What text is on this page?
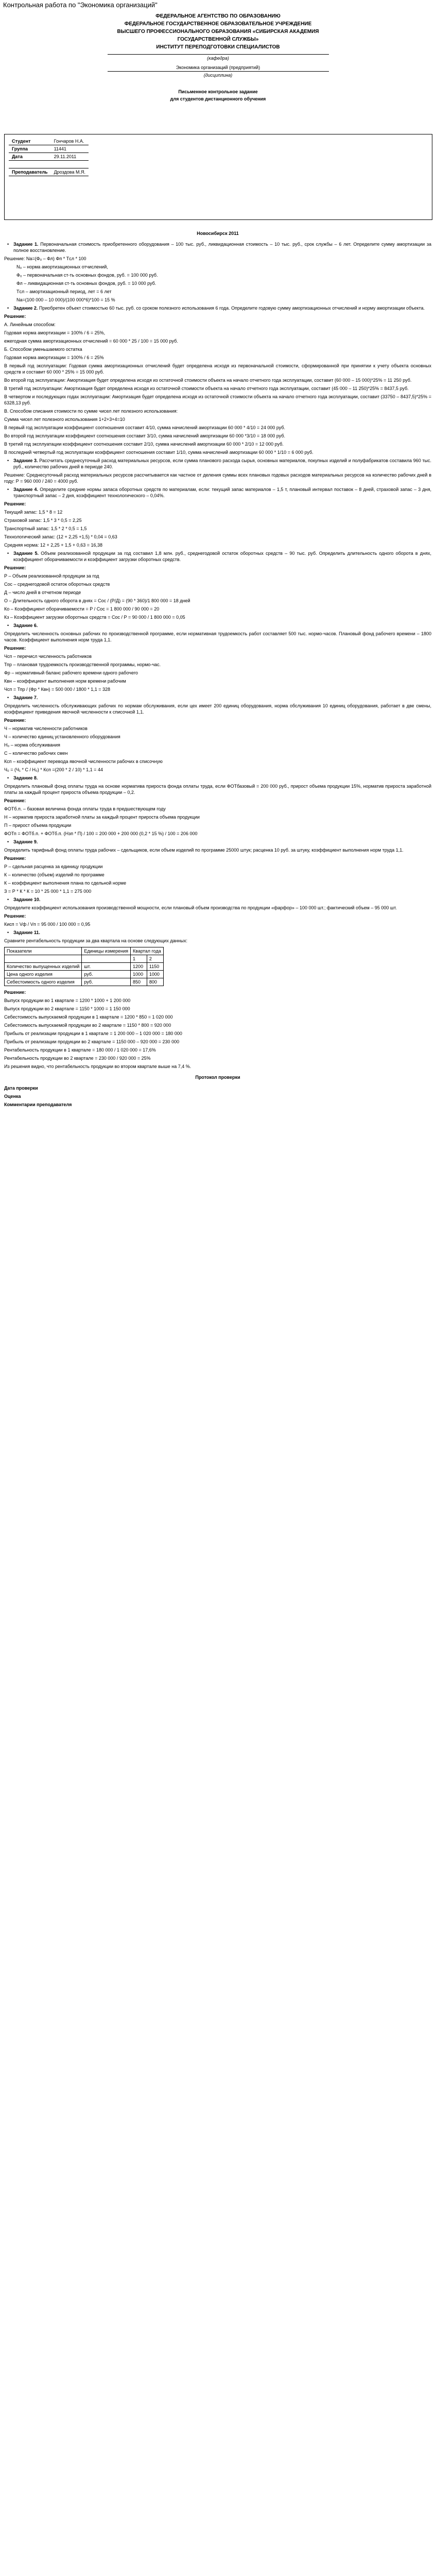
Контрольная работа по "Экономика организаций"
ФЕДЕРАЛЬНОЕ АГЕНТСТВО ПО ОБРАЗОВАНИЮ
ФЕДЕРАЛЬНОЕ ГОСУДАРСТВЕННОЕ ОБРАЗОВАТЕЛЬНОЕ УЧРЕЖДЕНИЕ
ВЫСШЕГО ПРОФЕССИОНАЛЬНОГО ОБРАЗОВАНИЯ «СИБИРСКАЯ АКАДЕМИЯ
ГОСУДАРСТВЕННОЙ СЛУЖБЫ»
ИНСТИТУТ ПЕРЕПОДГОТОВКИ СПЕЦИАЛИСТОВ
(кафедра)
Экономика организаций (предприятий)
(дисциплина)
Письменное контрольное задание
для студентов дистанционного обучения
Студент	Гончаров Н.А.
Группа	11441
Дата	29.11.2011

Преподаватель	Дроздова М.Я.
Новосибирск 2011

• Задание 1. Первоначальная стоимость приобретенного оборудования – 100 тыс. руб., ликвидационная стоимость – 10 тыс. руб., срок службы – 6 лет. Определите сумму амортизации за полное восстановление.

Решение: Na=(Ф₀ – Фл) Фп * Tсл * 100

N₀ – норма амортизационных отчислений,

Ф₀ – первоначальная ст-ть основных фондов, руб. = 100 000 руб.

Фл – ликвидационная ст-ть основных фондов, руб. = 10 000 руб.

Tсл – амортизационный период, лет = 6 лет

Na=(100 000 – 10 000)/(100 000*6)*100 = 15 %

• Задание 2. Приобретен объект стоимостью 60 тыс. руб. со сроком полезного использования 6 года. Определите годовую сумму амортизационных отчислений и норму амортизации объекта.

Решение:

А. Линейным способом:

Годовая норма амортизации = 100% / 6 = 25%,

ежегодная сумма амортизационных отчислений = 60 000 * 25 / 100 = 15 000 руб.

Б. Способом уменьшаемого остатка

Годовая норма амортизации = 100% / 6 = 25%

В первый год эксплуатации: Годовая сумма амортизационных отчислений будет определена исходя из первоначальной стоимости, сформированной при принятии к учету объекта основных средств и составит 60 000 * 25% = 15 000 руб.

Во второй год эксплуатации: Амортизация будет определена исходя из остаточной стоимости объекта на начало отчетного года эксплуатации, составит (60 000 – 15 000)*25% = 11 250 руб.

В третий год эксплуатации: Амортизация будет определена исходя из остаточной стоимости объекта на начало отчетного года эксплуатации, составит (45 000 – 11 250)*25% = 8437,5 руб.

В четвертом и последующих годах эксплуатации: Амортизация будет определена исходя из остаточной стоимости объекта на начало отчетного года эксплуатации, составит (33750 – 8437,5)*25% = 6328,13 руб.

В. Способом списания стоимости по сумме чисел лет полезного использования:

Сумма чисел лет полезного использования 1+2+3+4=10

В первый год эксплуатации коэффициент соотношения составит 4/10, сумма начислений амортизации 60 000 * 4/10 = 24 000 руб.

Во второй год эксплуатации коэффициент соотношения составит 3/10, сумма начислений амортизации 60 000 *3/10 = 18 000 руб.

В третий год эксплуатации коэффициент соотношения составит 2/10, сумма начислений амортизации 60 000 * 2/10 = 12 000 руб.

В последний четвертый год эксплуатации коэффициент соотношения составит 1/10, сумма начислений амортизации 60 000 * 1/10 = 6 000 руб.

• Задание 3. Рассчитать среднесуточный расход материальных ресурсов, если сумма планового расхода сырья, основных материалов, покупных изделий и полуфабрикатов составила 960 тыс. руб., количество рабочих дней в периоде 240.

Решение: Среднесуточный расход материальных ресурсов рассчитывается как частное от деления суммы всех плановых годовых расходов материальных ресурсов на количество рабочих дней в году: Р = 960 000 / 240 = 4000 руб.

• Задание 4. Определите средние нормы запаса оборотных средств по материалам, если: текущий запас материалов – 1,5 т, плановый интервал поставок – 8 дней, страховой запас – 3 дня, транспортный запас – 2 дня, коэффициент технологического – 0,04%.

Решение:

Текущий запас: 1,5 * 8 = 12

Страховой запас: 1,5 * 3 * 0,5 = 2,25

Транспортный запас: 1,5 * 2 * 0,5 = 1,5

Технологический запас: (12 + 2,25 +1,5) * 0,04 = 0,63

Средняя норма: 12 + 2,25 + 1,5 + 0,63 = 16,38

• Задание 5. Объем реализованной продукции за год составил 1,8 млн. руб., среднегодовой остаток оборотных средств – 90 тыс. руб. Определить длительность одного оборота в днях, коэффициент оборачиваемости и коэффициент загрузки оборотных средств.

Решение:

Р – Объем реализованной продукции за год

Сос – среднегодовой остаток оборотных средств

Д – число дней в отчетном периоде

О – Длительность одного оборота в днях = Сос / (Р/Д) = (90 * 360)/1 800 000 = 18 дней

Ко – Коэффициент оборачиваемости = Р / Сос = 1 800 000 / 90 000 = 20

Кз – Коэффициент загрузки оборотных средств = Сос / Р = 90 000 / 1 800 000 = 0,05

• Задание 6.

Определить численность основных рабочих по производственной программе, если нормативная трудоемкость работ составляет 500 тыс. нормо-часов. Плановый фонд рабочего времени – 1800 часов. Коэффициент выполнения норм труда 1,1.

Решение:

Чсп – перечисл численность работников

Тпр – плановая трудоемкость производственной программы, нормо-час.

Фр – нормативный баланс рабочего времени одного рабочего

Квн – коэффициент выполнения норм времени рабочим

Чсп = Тпр / (Фр * Квн) = 500 000 / 1800 * 1,1 = 328

• Задание 7.

Определить численность обслуживающих рабочих по нормам обслуживания, если цех имеет 200 единиц оборудования, норма обслуживания 10 единиц оборудования, работает в две смены, коэффициент приведения явочной численности к списочной 1,1.

Решение:

Ч – норматив численности работников

Ч – количество единиц установленного оборудования

Н₀ – норма обслуживания

С – количество рабочих смен

Ксп – коэффициент перевода явочной численности рабочих в списочную

Ч₀ = (Ч₁ * С / Н₀) * Ксп =(200 * 2 / 10) * 1,1 = 44

• Задание 8.

Определить плановый фонд оплаты труда на основе норматива прироста фонда оплаты труда, если ФОТбазовый = 200 000 руб., прирост объема продукции 15%, норматив прироста заработной платы за каждый процент прироста объема продукции – 0,2.

Решение:

ФОТб.п. – базовая величина фонда оплаты труда в предшествующем году

Н – норматив прироста заработной платы за каждый процент прироста объема продукции

П – прирост объема продукции

ФОТп = ФОТб.п. + ФОТб.п. (Нзп * П) / 100 = 200 000 + 200 000 (0,2 * 15 %) / 100 = 206 000

• Задание 9.

Определить тарифный фонд оплаты труда рабочих – сдельщиков, если объем изделий по программе 25000 штук; расценка 10 руб. за штуку, коэффициент выполнения норм труда 1,1.

Решение:

Р – сдельная расценка за единицу продукции

К – количество (объем) изделий по программе

К – коэффициент выполнения плана по сдельной норме

З = Р * К * К = 10 * 25 000 * 1,1 = 275 000

• Задание 10.

Определите коэффициент использования производственной мощности, если плановый объем производства по продукции «фарфор» – 100 000 шт.; фактический объем – 95 000 шт.

Решение:

Кисп = Vф / Vп = 95 000 / 100 000 = 0,95

• Задание 11.

Сравните рентабельность продукции за два квартала на основе следующих данных:

Показатели	Единицы измерения	Квартал года	
		1	2
Количество выпущенных изделий	шт.	1200	1150
Цена одного изделия	руб.	1000	1000
Себестоимость одного изделия	руб.	850	800

Решение:

Выпуск продукции во 1 квартале = 1200 * 1000 + 1 200 000

Выпуск продукции во 2 квартале = 1150 * 1000 = 1 150 000

Себестоимость выпускаемой продукции в 1 квартале = 1200 * 850 = 1 020 000

Себестоимость выпускаемой продукции во 2 квартале = 1150 * 800 = 920 000

Прибыль от реализации продукции в 1 квартале = 1 200 000 – 1 020 000 = 180 000

Прибыль от реализации продукции во 2 квартале = 1150 000 – 920 000 = 230 000

Рентабельность продукции в 1 квартале = 180 000 / 1 020 000 = 17,6%

Рентабельность продукции во 2 квартале = 230 000 / 920 000 = 25%

Из решения видно, что рентабельность продукции во втором квартале выше на 7,4 %.

Протокол проверки

Дата проверки

Оценка

Комментарии преподавателя
